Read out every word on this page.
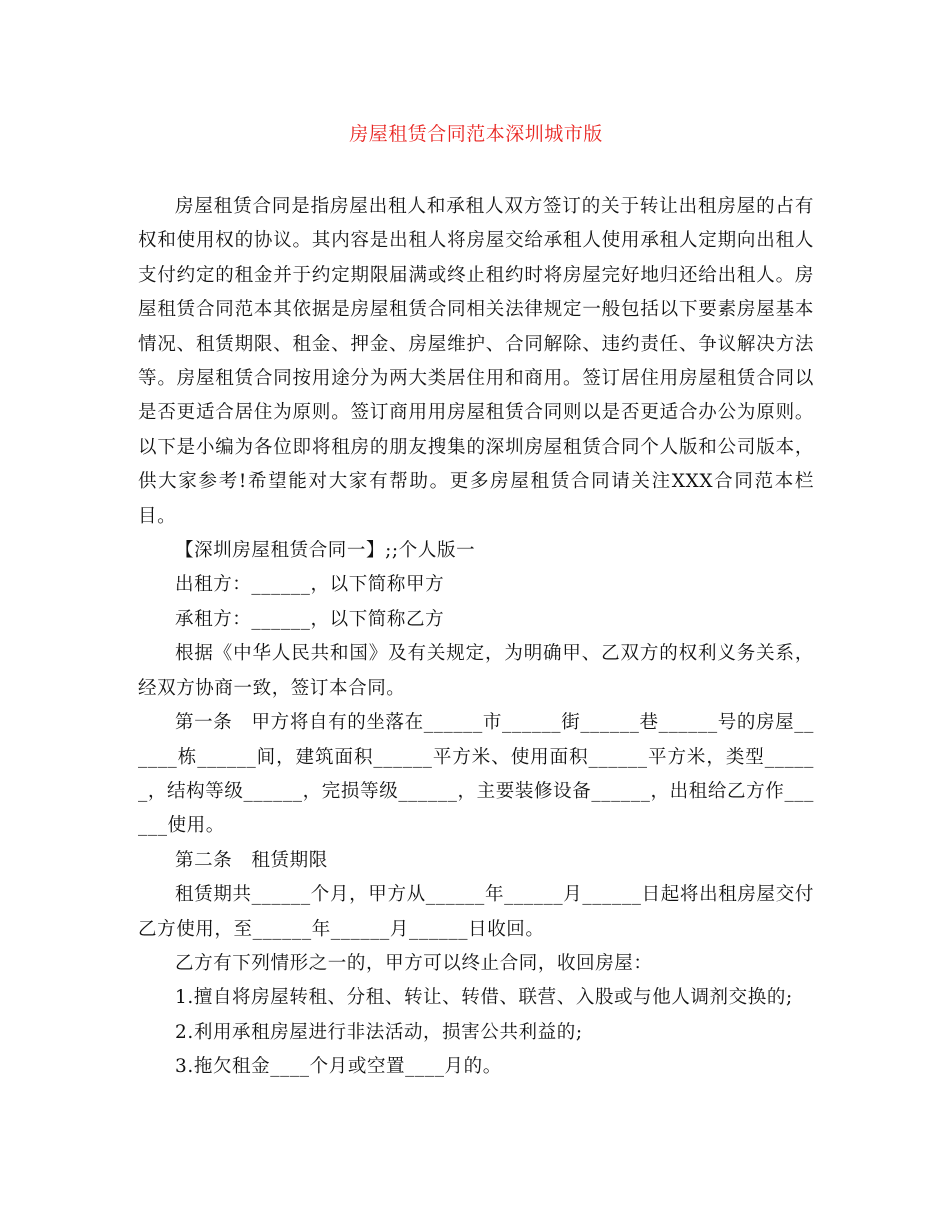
房屋租赁合同范本深圳城市版

房屋租赁合同是指房屋出租人和承租人双方签订的关于转让出租房屋的占有权和使用权的协议。其内容是出租人将房屋交给承租人使用承租人定期向出租人支付约定的租金并于约定期限届满或终止租约时将房屋完好地归还给出租人。房屋租赁合同范本其依据是房屋租赁合同相关法律规定一般包括以下要素房屋基本情况、租赁期限、租金、押金、房屋维护、合同解除、违约责任、争议解决方法等。房屋租赁合同按用途分为两大类居住用和商用。签订居住用房屋租赁合同以是否更适合居住为原则。签订商用用房屋租赁合同则以是否更适合办公为原则。以下是小编为各位即将租房的朋友搜集的深圳房屋租赁合同个人版和公司版本，供大家参考!希望能对大家有帮助。更多房屋租赁合同请关注XXX合同范本栏目。

【深圳房屋租赁合同一】;;个人版一

出租方：______，以下简称甲方

承租方：______，以下简称乙方

根据《中华人民共和国》及有关规定，为明确甲、乙双方的权利义务关系，经双方协商一致，签订本合同。

第一条　甲方将自有的坐落在______市______街______巷______号的房屋______栋______间，建筑面积______平方米、使用面积______平方米，类型______，结构等级______，完损等级______，主要装修设备______，出租给乙方作______使用。

第二条　租赁期限

租赁期共______个月，甲方从______年______月______日起将出租房屋交付乙方使用，至______年______月______日收回。

乙方有下列情形之一的，甲方可以终止合同，收回房屋：

1.擅自将房屋转租、分租、转让、转借、联营、入股或与他人调剂交换的;

2.利用承租房屋进行非法活动，损害公共利益的;

3.拖欠租金____个月或空置____月的。
